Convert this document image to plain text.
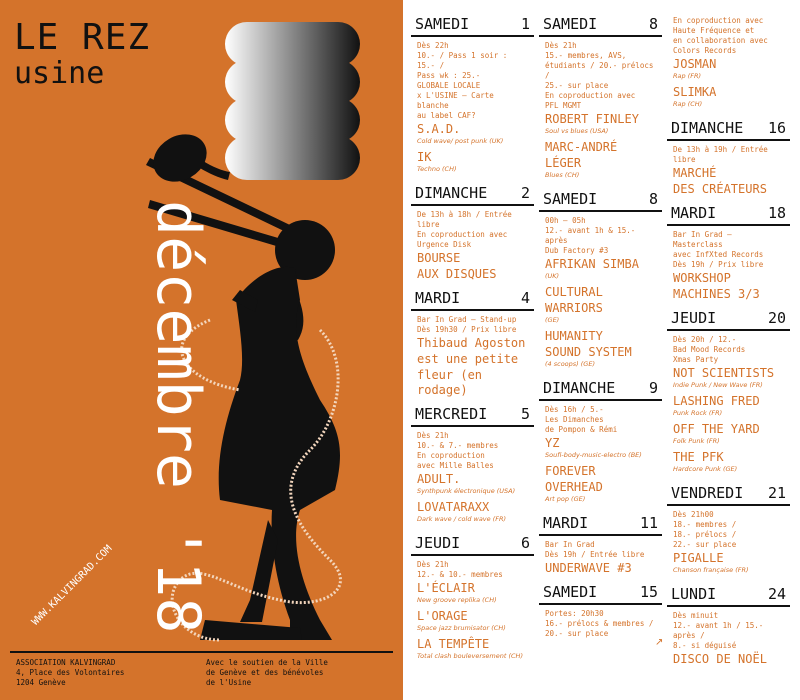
LE REZ
usine
décembre '18
WWW.KALVINGRAD.COM
ASSOCIATION KALVINGRAD
4, Place des Volontaires
1204 Genève
Avec le soutien de la Ville
de Genève et des bénévoles
de l'Usine
SAMEDI	1
Dès 22h
10.- / Pass 1 soir : 15.- /
Pass wk : 25.-
GLOBALE LOCALE
x L'USINE – Carte blanche
au label CAF?
S.A.D.
Cold wave/ post punk (UK)
IK
Techno (CH)
DIMANCHE 2
De 13h à 18h / Entrée libre
En coproduction avec
Urgence Disk
BOURSE
AUX DISQUES
MARDI	4
Bar In Grad – Stand-up
Dès 19h30 / Prix libre
Thibaud Agoston
est une petite
fleur (en rodage)
MERCREDI 5
Dès 21h
10.- & 7.- membres
En coproduction
avec Mille Balles
ADULT.
Synthpunk électronique (USA)
LOVATARAXX
Dark wave / cold wave (FR)
JEUDI	6
Dès 21h
12.- & 10.- membres
L'ÉCLAIR
New groove replika (CH)
L'ORAGE
Space jazz brumisator (CH)
LA TEMPÊTE
Total clash bouleversement (CH)
SAMEDI	8
Dès 21h
15.- membres, AVS,
étudiants / 20.- prélocs /
25.- sur place
En coproduction avec
PFL MGMT
ROBERT FINLEY
Soul vs blues (USA)
MARC-ANDRÉ
LÉGER
Blues (CH)
SAMEDI	8
00h – 05h
12.- avant 1h & 15.- après
Dub Factory #3
AFRIKAN SIMBA
(UK)
CULTURAL
WARRIORS
(GE)
HUMANITY
SOUND SYSTEM
(4 scoops) (GE)
DIMANCHE 9
Dès 16h / 5.-
Les Dimanches
de Pompon & Rémi
YZ
Soufi-body-music-electro (BE)
FOREVER
OVERHEAD
Art pop (GE)
MARDI	11
Bar In Grad
Dès 19h / Entrée libre
UNDERWAVE #3
SAMEDI	15
Portes: 20h30
16.- prélocs & membres /
20.- sur place
En coproduction avec
Haute Fréquence et
en collaboration avec
Colors Records
JOSMAN
Rap (FR)
SLIMKA
Rap (CH)
DIMANCHE 16
De 13h à 19h / Entrée libre
MARCHÉ
DES CRÉATEURS
MARDI	18
Bar In Grad – Masterclass
avec InfXted Records
Dès 19h / Prix libre
WORKSHOP
MACHINES 3/3
JEUDI	20
Dès 20h / 12.-
Bad Mood Records
Xmas Party
NOT SCIENTISTS
Indie Punk / New Wave (FR)
LASHING FRED
Punk Rock (FR)
OFF THE YARD
Folk Punk (FR)
THE PFK
Hardcore Punk (GE)
VENDREDI 21
Dès 21h00
18.- membres /
18.- prélocs /
22.- sur place
PIGALLE
Chanson française (FR)
LUNDI	24
Dès minuit
12.- avant 1h / 15.- après /
8.- si déguisé
DISCO DE NOËL
↗
